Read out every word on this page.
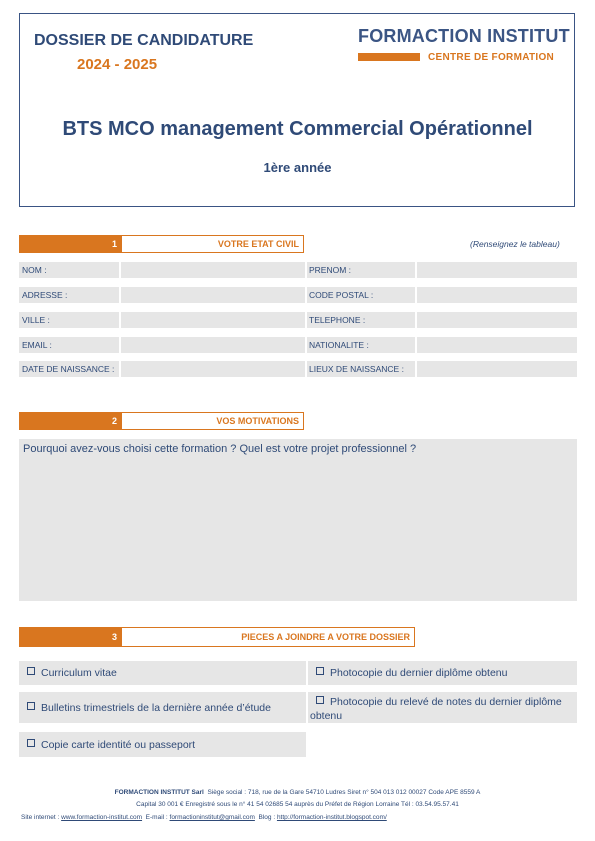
DOSSIER DE CANDIDATURE
2024 - 2025
FORMACTION INSTITUT
CENTRE DE FORMATION
BTS MCO management Commercial Opérationnel
1ère année
1	VOTRE ETAT CIVIL	(Renseignez le tableau)
NOM :	PRENOM :
ADRESSE :	CODE POSTAL :
VILLE :	TELEPHONE :
EMAIL :	NATIONALITE :
DATE DE NAISSANCE :	LIEUX DE NAISSANCE :
2	VOS MOTIVATIONS
Pourquoi avez-vous choisi cette formation ? Quel est votre projet professionnel ?
3	PIECES A JOINDRE A VOTRE DOSSIER
Curriculum vitae	Photocopie du dernier diplôme obtenu
Bulletins trimestriels de la dernière année d’étude	Photocopie du relevé de notes du dernier diplôme obtenu
Copie carte identité ou passeport
FORMACTION INSTITUT Sarl Siège social : 718, rue de la Gare 54710 Ludres Siret n° 504 013 012 00027 Code APE 8559 A
Capital 30 001 € Enregistré sous le n° 41 54 02685 54 auprès du Préfet de Région Lorraine Tél : 03.54.95.57.41
Site internet : www.formaction-institut.com E-mail : formactioninstitut@gmail.com Blog : http://formaction-institut.blogspot.com/
